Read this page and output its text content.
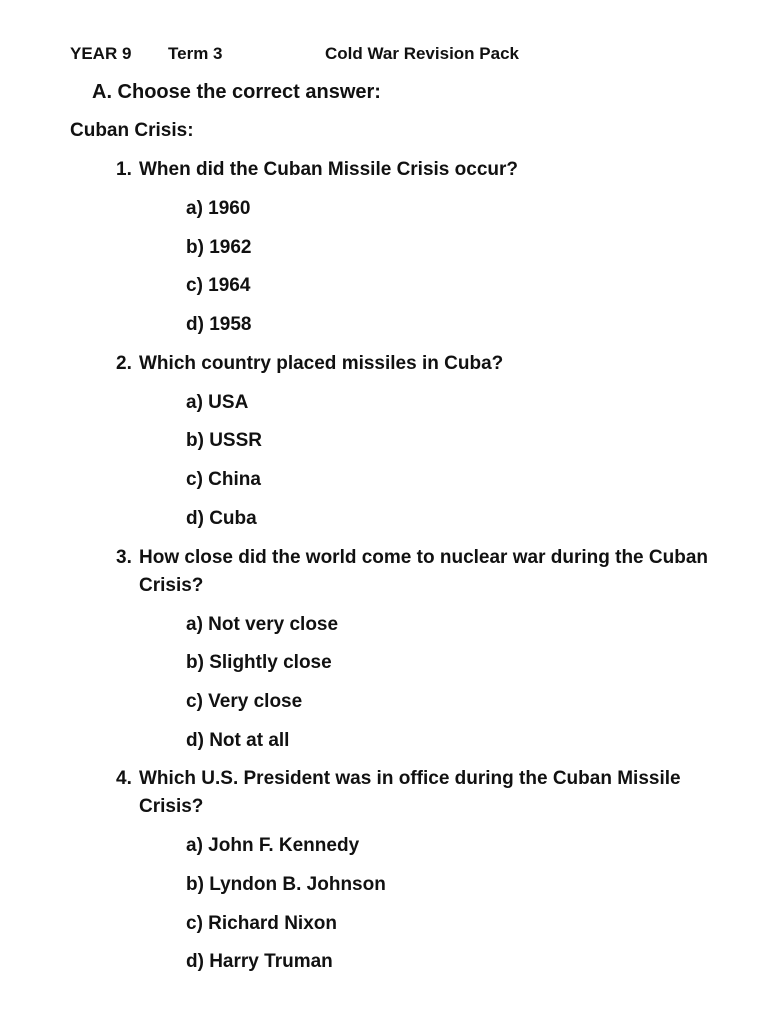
YEAR 9	Term 3	Cold War Revision Pack
A. Choose the correct answer:
Cuban Crisis:
1. When did the Cuban Missile Crisis occur?
a) 1960
b) 1962
c) 1964
d) 1958
2. Which country placed missiles in Cuba?
a) USA
b) USSR
c) China
d) Cuba
3. How close did the world come to nuclear war during the Cuban Crisis?
a) Not very close
b) Slightly close
c) Very close
d) Not at all
4. Which U.S. President was in office during the Cuban Missile Crisis?
a) John F. Kennedy
b) Lyndon B. Johnson
c) Richard Nixon
d) Harry Truman
